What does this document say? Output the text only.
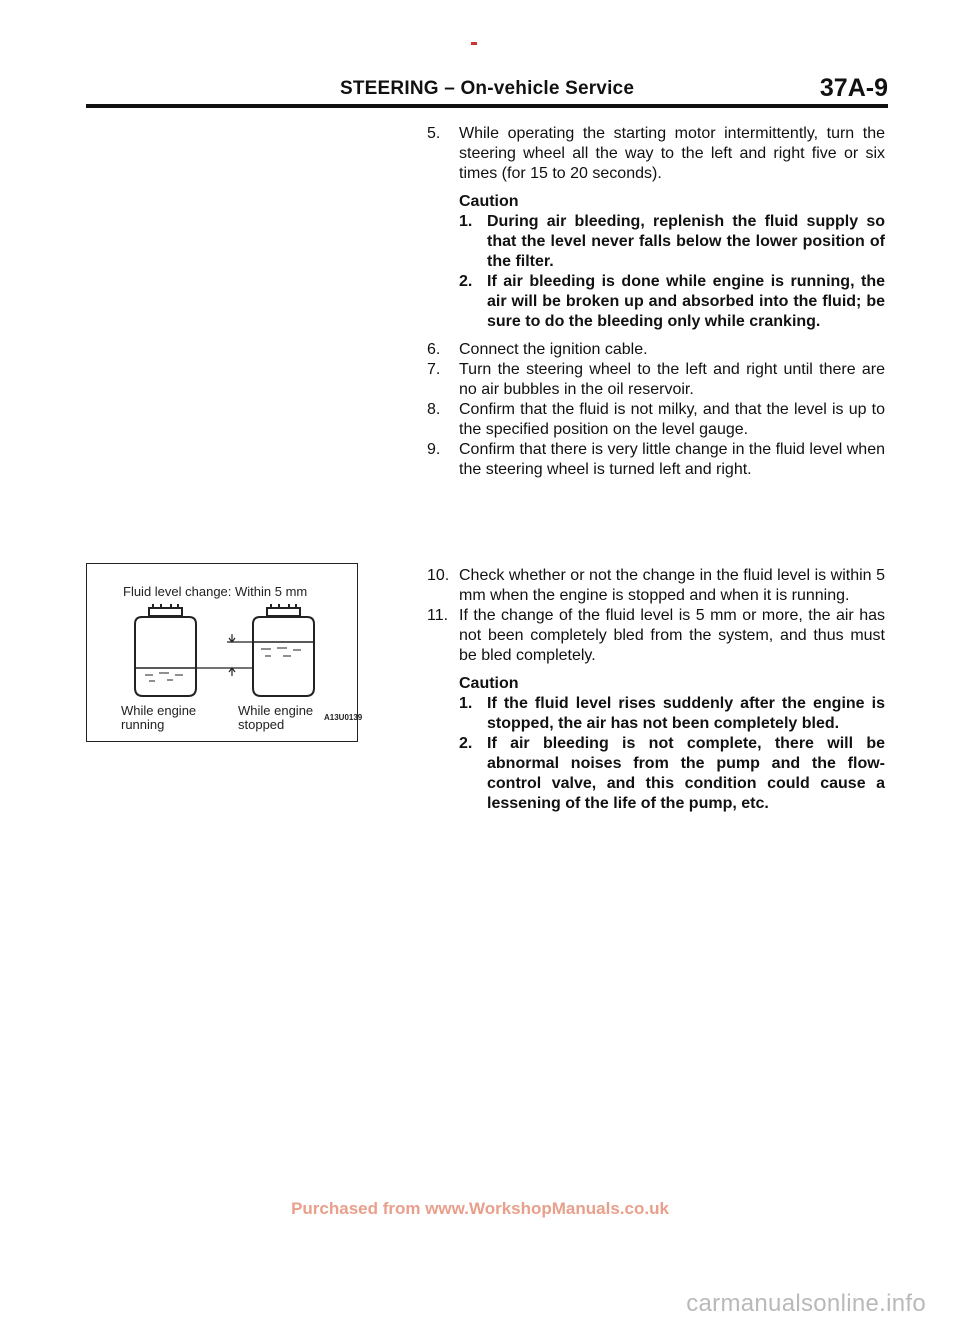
STEERING – On-vehicle Service	37A-9
5. While operating the starting motor intermittently, turn the steering wheel all the way to the left and right five or six times (for 15 to 20 seconds).
Caution
1. During air bleeding, replenish the fluid supply so that the level never falls below the lower position of the filter.
2. If air bleeding is done while engine is running, the air will be broken up and absorbed into the fluid; be sure to do the bleeding only while cranking.
6. Connect the ignition cable.
7. Turn the steering wheel to the left and right until there are no air bubbles in the oil reservoir.
8. Confirm that the fluid is not milky, and that the level is up to the specified position on the level gauge.
9. Confirm that there is very little change in the fluid level when the steering wheel is turned left and right.
10. Check whether or not the change in the fluid level is within 5 mm when the engine is stopped and when it is running.
11. If the change of the fluid level is 5 mm or more, the air has not been completely bled from the system, and thus must be bled completely.
Caution
1. If the fluid level rises suddenly after the engine is stopped, the air has not been completely bled.
2. If air bleeding is not complete, there will be abnormal noises from the pump and the flow-control valve, and this condition could cause a lessening of the life of the pump, etc.
Fluid level change: Within 5 mm
While engine
running
While engine
stopped	A13U0139
Purchased from www.WorkshopManuals.co.uk
carmanualsonline.info
